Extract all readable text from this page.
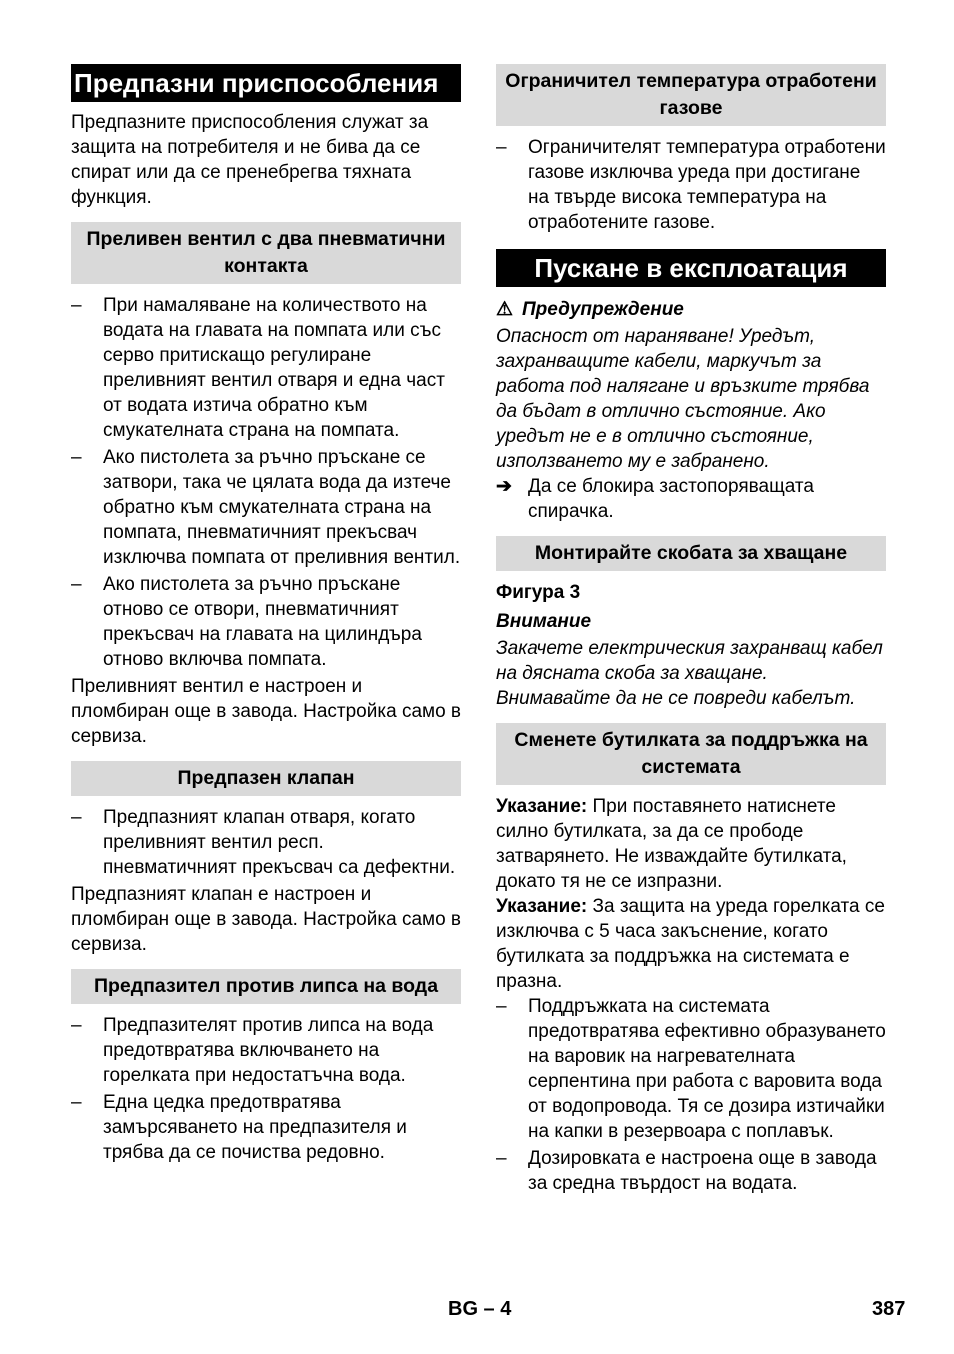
Предпазни приспособления

Предпазните приспособления служат за защита на потребителя и не бива да се спират или да се пренебрегва тяхната функция.

Преливен вентил с два пневматични контакта
– При намаляване на количеството на водата на главата на помпата или със серво притискащо регулиране преливният вентил отваря и една част от водата изтича обратно към смукателната страна на помпата.
– Ако пистолета за ръчно пръскане се затвори, така че цялата вода да изтече обратно към смукателната страна на помпата, пневматичният прекъсвач изключва помпата от преливния вентил.
– Ако пистолета за ръчно пръскане отново се отвори, пневматичният прекъсвач на главата на цилиндъра отново включва помпата.

Преливният вентил е настроен и пломбиран още в завода. Настройка само в сервиза.

Предпазен клапан
– Предпазният клапан отваря, когато преливният вентил респ. пневматичният прекъсвач са дефектни.

Предпазният клапан е настроен и пломбиран още в завода. Настройка само в сервиза.

Предпазител против липса на вода
– Предпазителят против липса на вода предотвратява включването на горелката при недостатъчна вода.
– Една цедка предотвратява замърсяването на предпазителя и трябва да се почиства редовно.
Ограничител температура отработени газове
– Ограничителят температура отработени газове изключва уреда при достигане на твърде висока температура на отработените газове.
Пускане в експлоатация
⚠ Предупреждение

Опасност от нараняване! Уредът, захранващите кабели, маркучът за работа под налягане и връзките трябва да бъдат в отлично състояние. Ако уредът не е в отлично състояние, използването му е забранено.

➔ Да се блокира застопоряващата спирачка.
Монтирайте скобата за хващане
Фигура 3
Внимание

Закачете електрическия захранващ кабел на дясната скоба за хващане. Внимавайте да не се повреди кабелът.

Сменете бутилката за поддръжка на системата

Указание: При поставянето натиснете силно бутилката, за да се прободе затварянето. Не изваждайте бутилката, докато тя не се изпразни.

Указание: За защита на уреда горелката се изключва с 5 часа закъснение, когато бутилката за поддръжка на системата е празна.

– Поддръжката на системата предотвратява ефективно образуването на варовик на нагревателната серпентина при работа с варовита вода от водопровода. Тя се дозира изтичайки на капки в резервоара с поплавък.
– Дозировката е настроена още в завода за средна твърдост на водата.
BG – 4	387
